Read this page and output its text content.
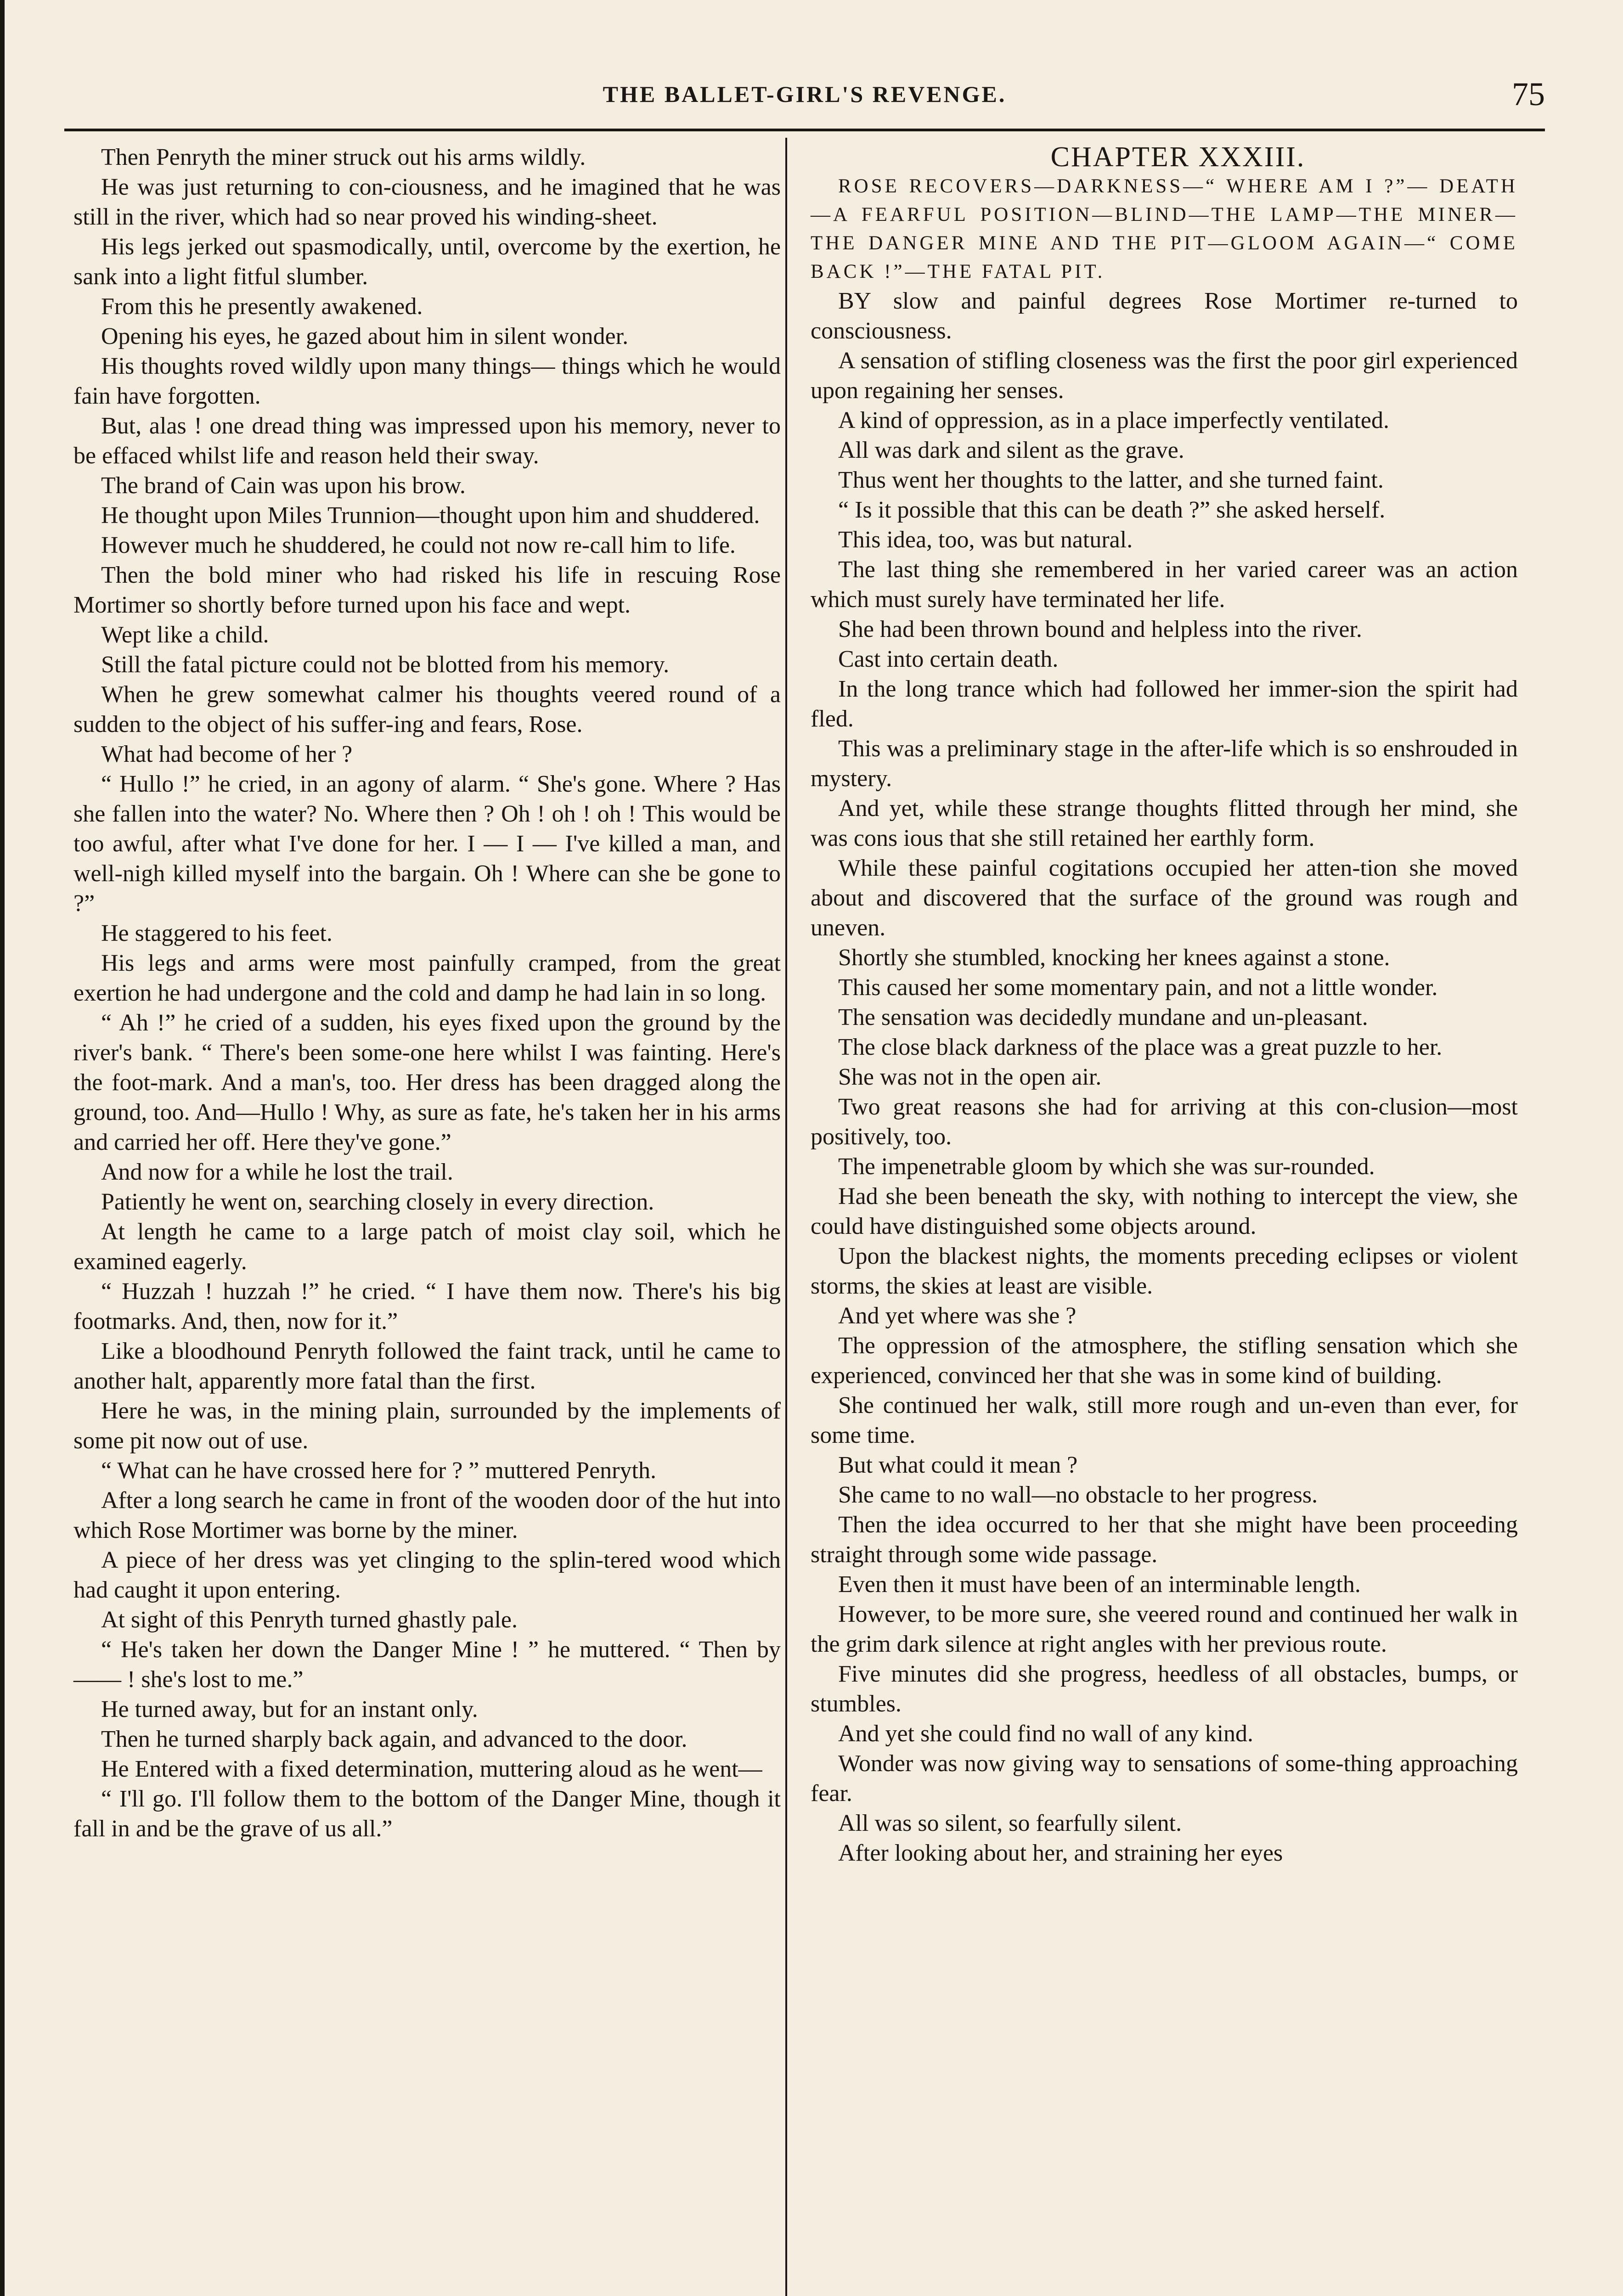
THE BALLET-GIRL'S REVENGE.	75

Then Penryth the miner struck out his arms wildly.

He was just returning to con-ciousness, and he imagined that he was still in the river, which had so near proved his winding-sheet.

His legs jerked out spasmodically, until, overcome by the exertion, he sank into a light fitful slumber.

From this he presently awakened.

Opening his eyes, he gazed about him in silent wonder.

His thoughts roved wildly upon many things— things which he would fain have forgotten.

But, alas ! one dread thing was impressed upon his memory, never to be effaced whilst life and reason held their sway.

The brand of Cain was upon his brow.

He thought upon Miles Trunnion—thought upon him and shuddered.

However much he shuddered, he could not now re-call him to life.

Then the bold miner who had risked his life in rescuing Rose Mortimer so shortly before turned upon his face and wept.

Wept like a child.

Still the fatal picture could not be blotted from his memory.

When he grew somewhat calmer his thoughts veered round of a sudden to the object of his suffer-ing and fears, Rose.

What had become of her ?

“ Hullo !” he cried, in an agony of alarm. “ She's gone. Where ? Has she fallen into the water? No. Where then ? Oh ! oh ! oh ! This would be too awful, after what I've done for her. I — I — I've killed a man, and well-nigh killed myself into the bargain. Oh ! Where can she be gone to ?”

He staggered to his feet.

His legs and arms were most painfully cramped, from the great exertion he had undergone and the cold and damp he had lain in so long.

“ Ah !” he cried of a sudden, his eyes fixed upon the ground by the river's bank. “ There's been some-one here whilst I was fainting. Here's the foot-mark. And a man's, too. Her dress has been dragged along the ground, too. And—Hullo ! Why, as sure as fate, he's taken her in his arms and carried her off. Here they've gone.”

And now for a while he lost the trail.

Patiently he went on, searching closely in every direction.

At length he came to a large patch of moist clay soil, which he examined eagerly.

“ Huzzah ! huzzah !” he cried. “ I have them now. There's his big footmarks. And, then, now for it.”

Like a bloodhound Penryth followed the faint track, until he came to another halt, apparently more fatal than the first.

Here he was, in the mining plain, surrounded by the implements of some pit now out of use.

“ What can he have crossed here for ? ” muttered Penryth.

After a long search he came in front of the wooden door of the hut into which Rose Mortimer was borne by the miner.

A piece of her dress was yet clinging to the splin-tered wood which had caught it upon entering.

At sight of this Penryth turned ghastly pale.

“ He's taken her down the Danger Mine ! ” he muttered. “ Then by —— ! she's lost to me.”

He turned away, but for an instant only.

Then he turned sharply back again, and advanced to the door.

He Entered with a fixed determination, muttering aloud as he went—

“ I'll go. I'll follow them to the bottom of the Danger Mine, though it fall in and be the grave of us all.”

CHAPTER XXXIII.

ROSE RECOVERS—DARKNESS—“ WHERE AM I ?”— DEATH—A FEARFUL POSITION—BLIND—THE LAMP—THE MINER—THE DANGER MINE AND THE PIT—GLOOM AGAIN—“ COME BACK !”—THE FATAL PIT.

BY slow and painful degrees Rose Mortimer re-turned to consciousness.

A sensation of stifling closeness was the first the poor girl experienced upon regaining her senses.

A kind of oppression, as in a place imperfectly ventilated.

All was dark and silent as the grave.

Thus went her thoughts to the latter, and she turned faint.

“ Is it possible that this can be death ?” she asked herself.

This idea, too, was but natural.

The last thing she remembered in her varied career was an action which must surely have terminated her life.

She had been thrown bound and helpless into the river.

Cast into certain death.

In the long trance which had followed her immer-sion the spirit had fled.

This was a preliminary stage in the after-life which is so enshrouded in mystery.

And yet, while these strange thoughts flitted through her mind, she was cons ious that she still retained her earthly form.

While these painful cogitations occupied her atten-tion she moved about and discovered that the surface of the ground was rough and uneven.

Shortly she stumbled, knocking her knees against a stone.

This caused her some momentary pain, and not a little wonder.

The sensation was decidedly mundane and un-pleasant.

The close black darkness of the place was a great puzzle to her.

She was not in the open air.

Two great reasons she had for arriving at this con-clusion—most positively, too.

The impenetrable gloom by which she was sur-rounded.

Had she been beneath the sky, with nothing to intercept the view, she could have distinguished some objects around.

Upon the blackest nights, the moments preceding eclipses or violent storms, the skies at least are visible.

And yet where was she ?

The oppression of the atmosphere, the stifling sensation which she experienced, convinced her that she was in some kind of building.

She continued her walk, still more rough and un-even than ever, for some time.

But what could it mean ?

She came to no wall—no obstacle to her progress.

Then the idea occurred to her that she might have been proceeding straight through some wide passage.

Even then it must have been of an interminable length.

However, to be more sure, she veered round and continued her walk in the grim dark silence at right angles with her previous route.

Five minutes did she progress, heedless of all obstacles, bumps, or stumbles.

And yet she could find no wall of any kind.

Wonder was now giving way to sensations of some-thing approaching fear.

All was so silent, so fearfully silent.

After looking about her, and straining her eyes
